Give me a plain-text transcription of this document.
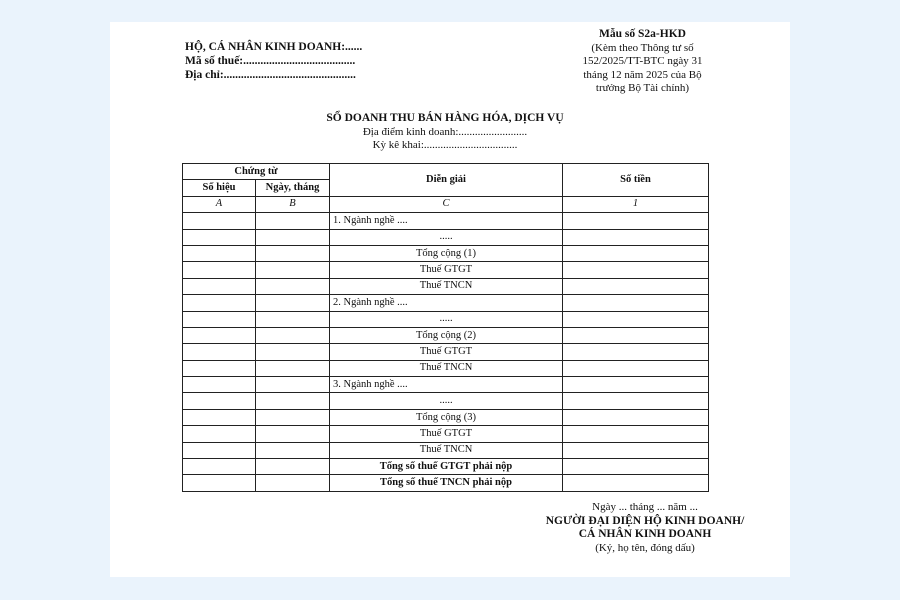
HỘ, CÁ NHÂN KINH DOANH:......
Mã số thuế:.......................................
Địa chỉ:..............................................
Mẫu số S2a-HKD
(Kèm theo Thông tư số
152/2025/TT-BTC ngày 31
tháng 12 năm 2025 của Bộ
trưởng Bộ Tài chính)
SỔ DOANH THU BÁN HÀNG HÓA, DỊCH VỤ
Địa điểm kinh doanh:.........................
Kỳ kê khai:..................................
Chứng từ		Diễn giải	Số tiền
Số hiệu	Ngày, tháng		
A	B	C	1
		1. Ngành nghề ....	
		.....	
		Tổng cộng (1)	
		Thuế GTGT	
		Thuế TNCN	
		2. Ngành nghề ....	
		.....	
		Tổng cộng (2)	
		Thuế GTGT	
		Thuế TNCN	
		3. Ngành nghề ....	
		.....	
		Tổng cộng (3)	
		Thuế GTGT	
		Thuế TNCN	
		Tổng số thuế GTGT phải nộp	
		Tổng số thuế TNCN phải nộp	
Ngày ... tháng ... năm ...
NGƯỜI ĐẠI DIỆN HỘ KINH DOANH/
CÁ NHÂN KINH DOANH
(Ký, họ tên, đóng dấu)
